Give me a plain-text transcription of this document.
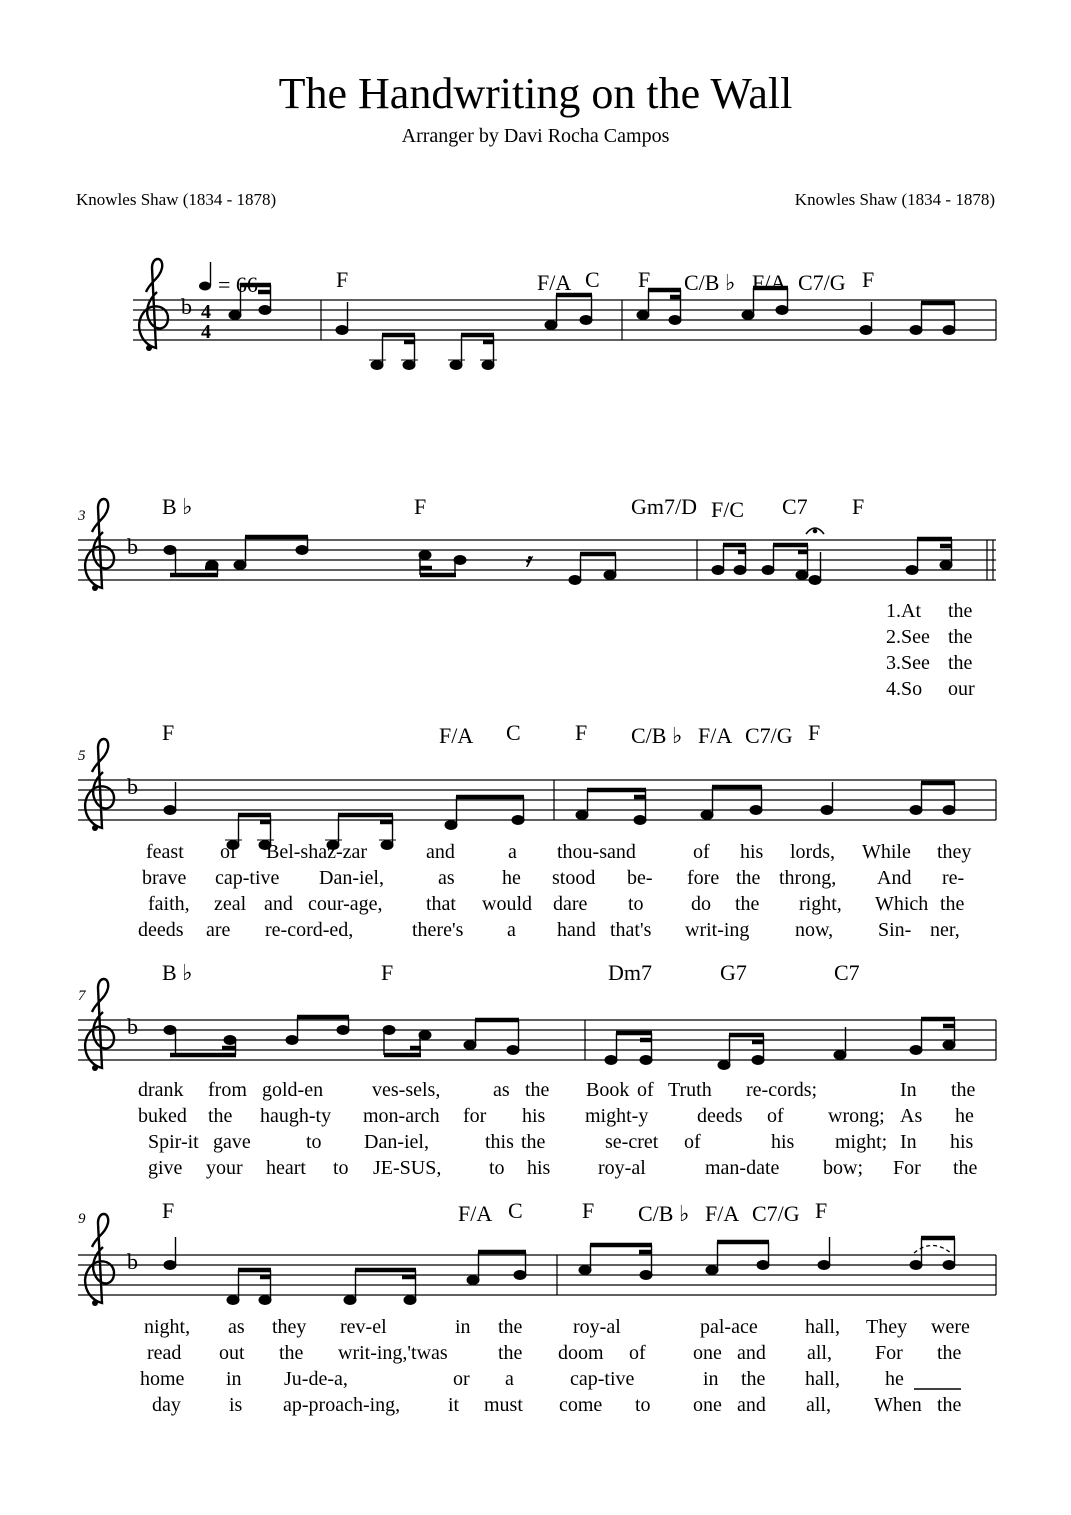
The Handwriting on the Wall
Arranger by Davi Rocha Campos
Knowles Shaw (1834 - 1878)	Knowles Shaw (1834 - 1878)
b 4
4
= 66	F	F/A C F C/B ♭ F/A C7/G F
3
b
B ♭	F	Gm7/D F/C C7 F
𝄿
1.At the
2.See the
3.See the
4.So our
5
b
F	F/A C F C/B ♭ F/A C7/G F
feast of Bel-shaz-zar	and	a thou-sand	of his lords, While they
brave cap-tive Dan-iel,	as he stood be- fore the throng, And re-
faith, zeal and cour-age, that would dare to do the right, Which the
deeds are re-cord-ed,	there's a hand that's writ-ing now, Sin- ner,
7
b
B ♭	F	Dm7	G7	C7
drank from gold-en ves-sels,	as the Book of Truth re-cords;	In the
buked the haugh-ty mon-arch for his might-y deeds of wrong; As he
Spir-it gave	to Dan-iel,	this the	se-cret of	his might; In his
give your heart to JE-SUS, to his roy-al	man-date bow; For the
9
b
F	F/A C	F C/B ♭ F/A C7/G F
night, as they rev-el	in the	roy-al	pal-ace hall, They were
read out the writ-ing,'twas	the doom of one and all, For the
home in Ju-de-a,	or a	cap-tive	in the hall, he
day is ap-proach-ing, it must come to one and all, When the
